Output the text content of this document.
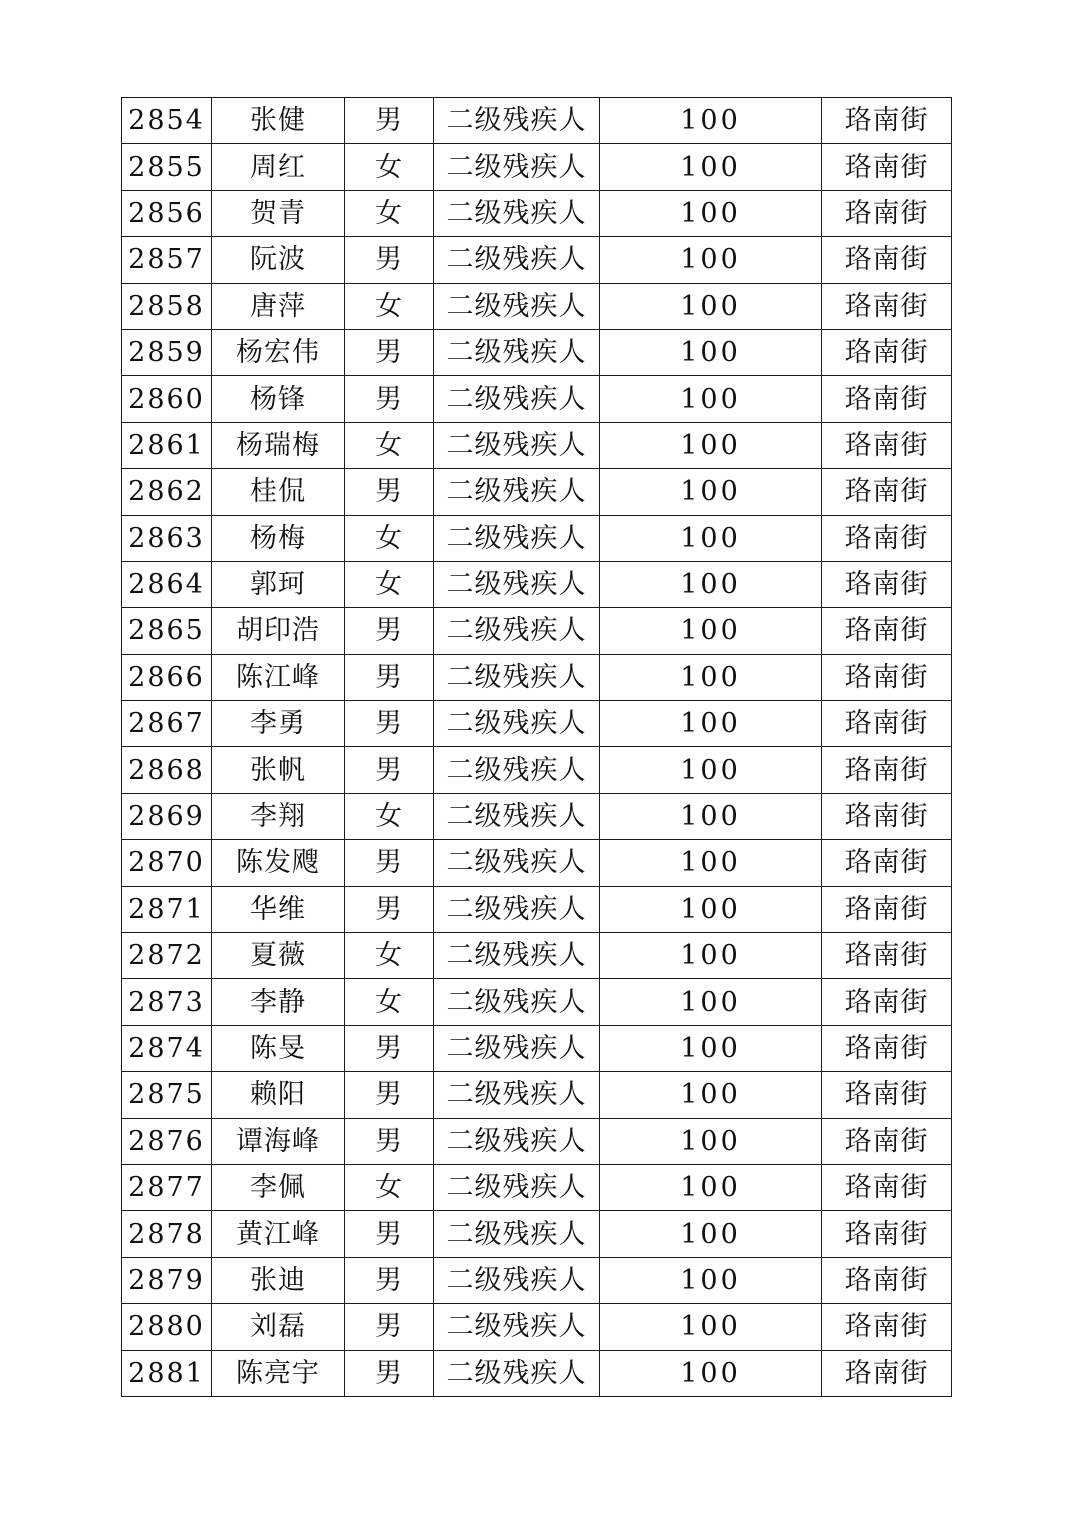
2854	张健	男	二级残疾人	100	珞南街
2855	周红	女	二级残疾人	100	珞南街
2856	贺青	女	二级残疾人	100	珞南街
2857	阮波	男	二级残疾人	100	珞南街
2858	唐萍	女	二级残疾人	100	珞南街
2859	杨宏伟	男	二级残疾人	100	珞南街
2860	杨锋	男	二级残疾人	100	珞南街
2861	杨瑞梅	女	二级残疾人	100	珞南街
2862	桂侃	男	二级残疾人	100	珞南街
2863	杨梅	女	二级残疾人	100	珞南街
2864	郭珂	女	二级残疾人	100	珞南街
2865	胡印浩	男	二级残疾人	100	珞南街
2866	陈江峰	男	二级残疾人	100	珞南街
2867	李勇	男	二级残疾人	100	珞南街
2868	张帆	男	二级残疾人	100	珞南街
2869	李翔	女	二级残疾人	100	珞南街
2870	陈发飕	男	二级残疾人	100	珞南街
2871	华维	男	二级残疾人	100	珞南街
2872	夏薇	女	二级残疾人	100	珞南街
2873	李静	女	二级残疾人	100	珞南街
2874	陈旻	男	二级残疾人	100	珞南街
2875	赖阳	男	二级残疾人	100	珞南街
2876	谭海峰	男	二级残疾人	100	珞南街
2877	李佩	女	二级残疾人	100	珞南街
2878	黄江峰	男	二级残疾人	100	珞南街
2879	张迪	男	二级残疾人	100	珞南街
2880	刘磊	男	二级残疾人	100	珞南街
2881	陈亮宇	男	二级残疾人	100	珞南街
